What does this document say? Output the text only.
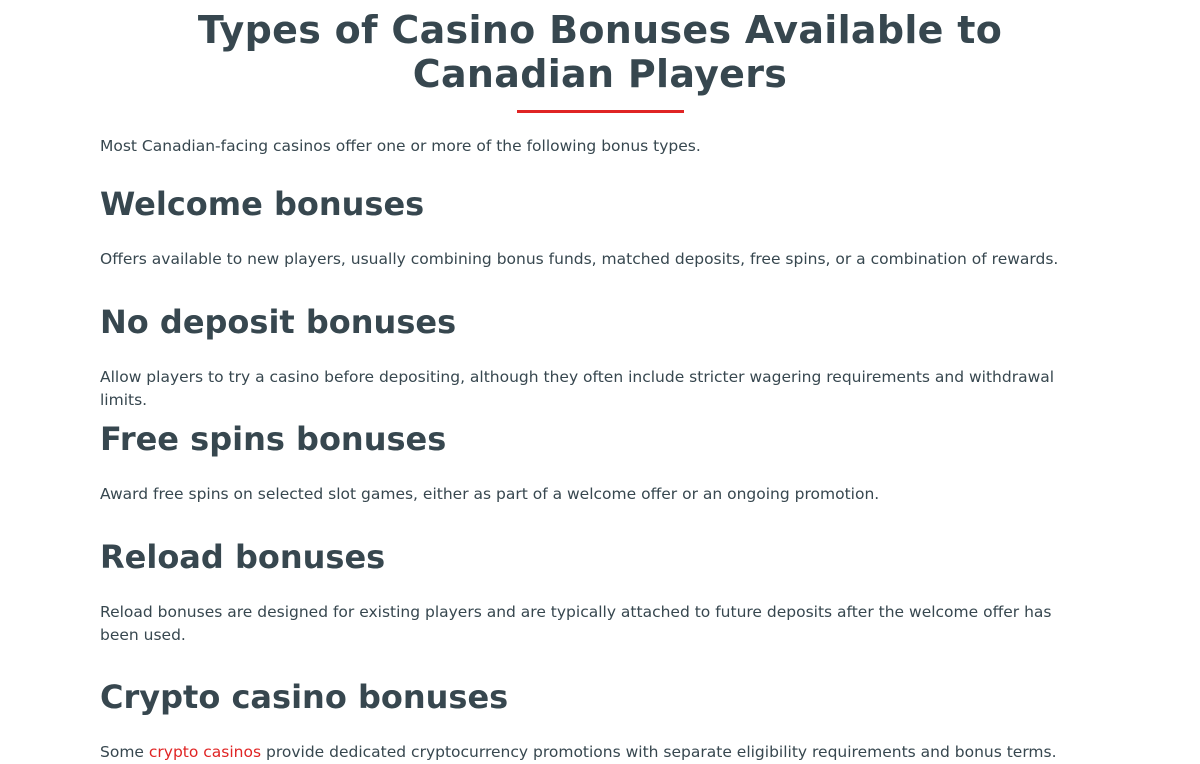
Types of Casino Bonuses Available to Canadian Players

Most Canadian-facing casinos offer one or more of the following bonus types.

Welcome bonuses

Offers available to new players, usually combining bonus funds, matched deposits, free spins, or a combination of rewards.

No deposit bonuses

Allow players to try a casino before depositing, although they often include stricter wagering requirements and withdrawal limits.

Free spins bonuses

Award free spins on selected slot games, either as part of a welcome offer or an ongoing promotion.

Reload bonuses

Reload bonuses are designed for existing players and are typically attached to future deposits after the welcome offer has been used.

Crypto casino bonuses

Some crypto casinos provide dedicated cryptocurrency promotions with separate eligibility requirements and bonus terms.
